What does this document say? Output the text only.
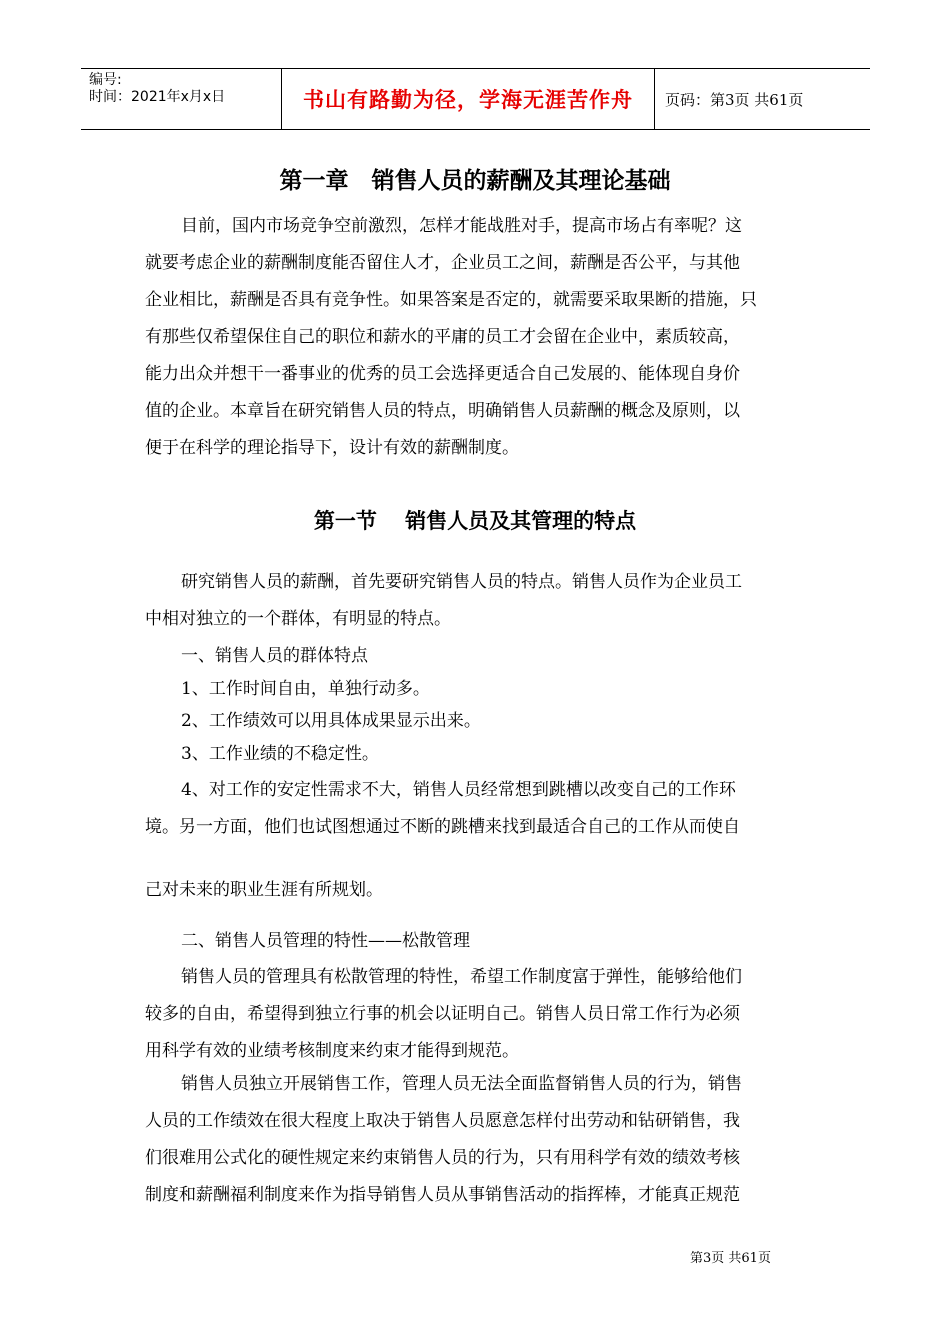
编号:
时间：2021年x月x日	书山有路勤为径，学海无涯苦作舟 页码：第3页 共61页
第一章　销售人员的薪酬及其理论基础
目前，国内市场竞争空前激烈，怎样才能战胜对手，提高市场占有率呢？这
就要考虑企业的薪酬制度能否留住人才，企业员工之间，薪酬是否公平，与其他
企业相比，薪酬是否具有竞争性。如果答案是否定的，就需要采取果断的措施，只
有那些仅希望保住自己的职位和薪水的平庸的员工才会留在企业中，素质较高，
能力出众并想干一番事业的优秀的员工会选择更适合自己发展的、能体现自身价
值的企业。本章旨在研究销售人员的特点，明确销售人员薪酬的概念及原则，以
便于在科学的理论指导下，设计有效的薪酬制度。
第一节　 销售人员及其管理的特点
研究销售人员的薪酬，首先要研究销售人员的特点。销售人员作为企业员工
中相对独立的一个群体，有明显的特点。
一、销售人员的群体特点
1、工作时间自由，单独行动多。
2、工作绩效可以用具体成果显示出来。
3、工作业绩的不稳定性。
4、对工作的安定性需求不大，销售人员经常想到跳槽以改变自己的工作环
境。另一方面，他们也试图想通过不断的跳槽来找到最适合自己的工作从而使自
己对未来的职业生涯有所规划。
二、销售人员管理的特性——松散管理
销售人员的管理具有松散管理的特性，希望工作制度富于弹性，能够给他们
较多的自由，希望得到独立行事的机会以证明自己。销售人员日常工作行为必须
用科学有效的业绩考核制度来约束才能得到规范。
销售人员独立开展销售工作，管理人员无法全面监督销售人员的行为，销售
人员的工作绩效在很大程度上取决于销售人员愿意怎样付出劳动和钻研销售，我
们很难用公式化的硬性规定来约束销售人员的行为，只有用科学有效的绩效考核
制度和薪酬福利制度来作为指导销售人员从事销售活动的指挥棒，才能真正规范
第3页 共61页
